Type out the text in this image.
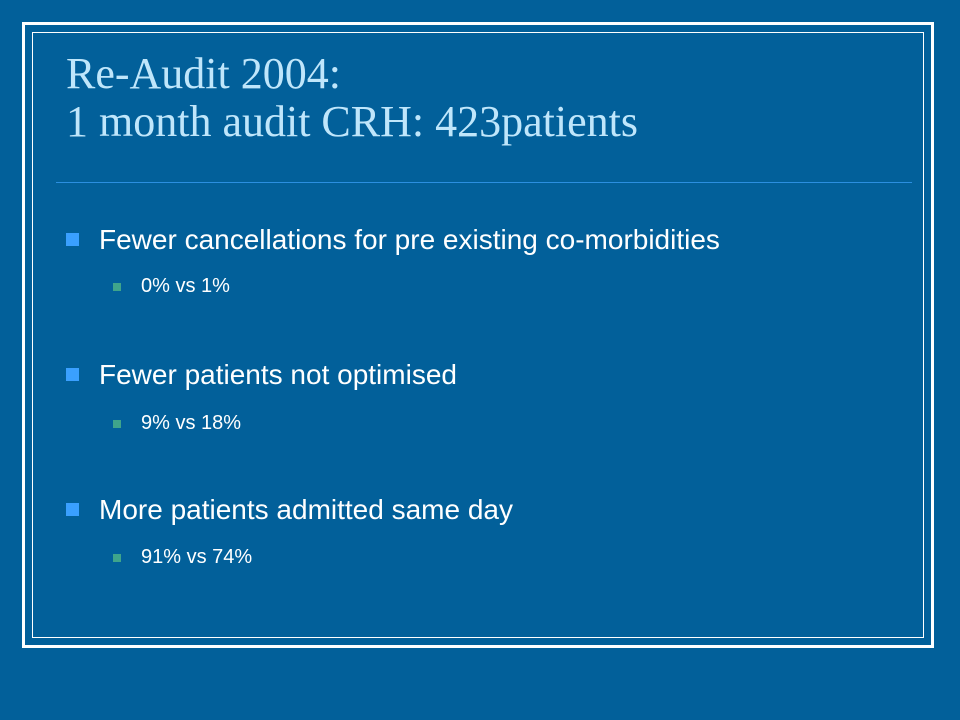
Re-Audit 2004:
1 month audit CRH: 423patients
Fewer cancellations for pre existing co-morbidities
0% vs 1%
Fewer patients not optimised
9% vs 18%
More patients admitted same day
91% vs 74%
